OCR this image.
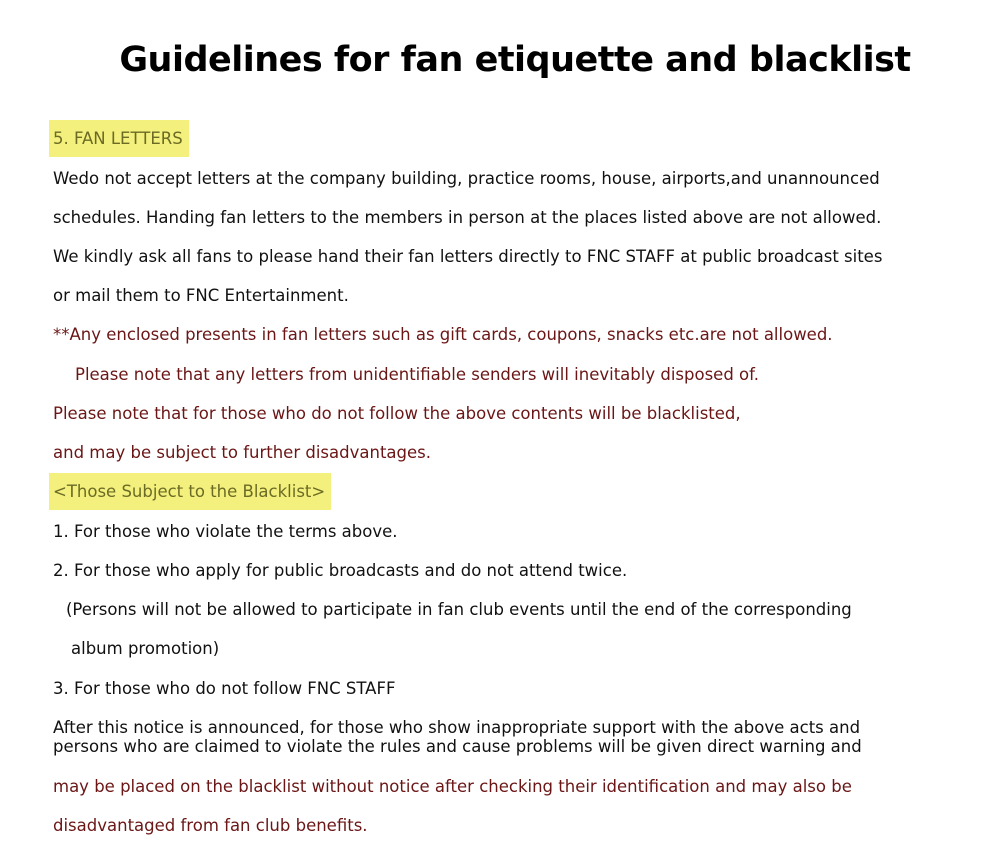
Guidelines for fan etiquette and blacklist
5. FAN LETTERS
Wedo not accept letters at the company building, practice rooms, house, airports,and unannounced
schedules. Handing fan letters to the members in person at the places listed above are not allowed.
We kindly ask all fans to please hand their fan letters directly to FNC STAFF at public broadcast sites
or mail them to FNC Entertainment.
**Any enclosed presents in fan letters such as gift cards, coupons, snacks etc.are not allowed.
Please note that any letters from unidentifiable senders will inevitably disposed of.
Please note that for those who do not follow the above contents will be blacklisted,
and may be subject to further disadvantages.
<Those Subject to the Blacklist>
1. For those who violate the terms above.
2. For those who apply for public broadcasts and do not attend twice.
(Persons will not be allowed to participate in fan club events until the end of the corresponding
album promotion)
3. For those who do not follow FNC STAFF
After this notice is announced, for those who show inappropriate support with the above acts and
persons who are claimed to violate the rules and cause problems will be given direct warning and
may be placed on the blacklist without notice after checking their identification and may also be
disadvantaged from fan club benefits.
